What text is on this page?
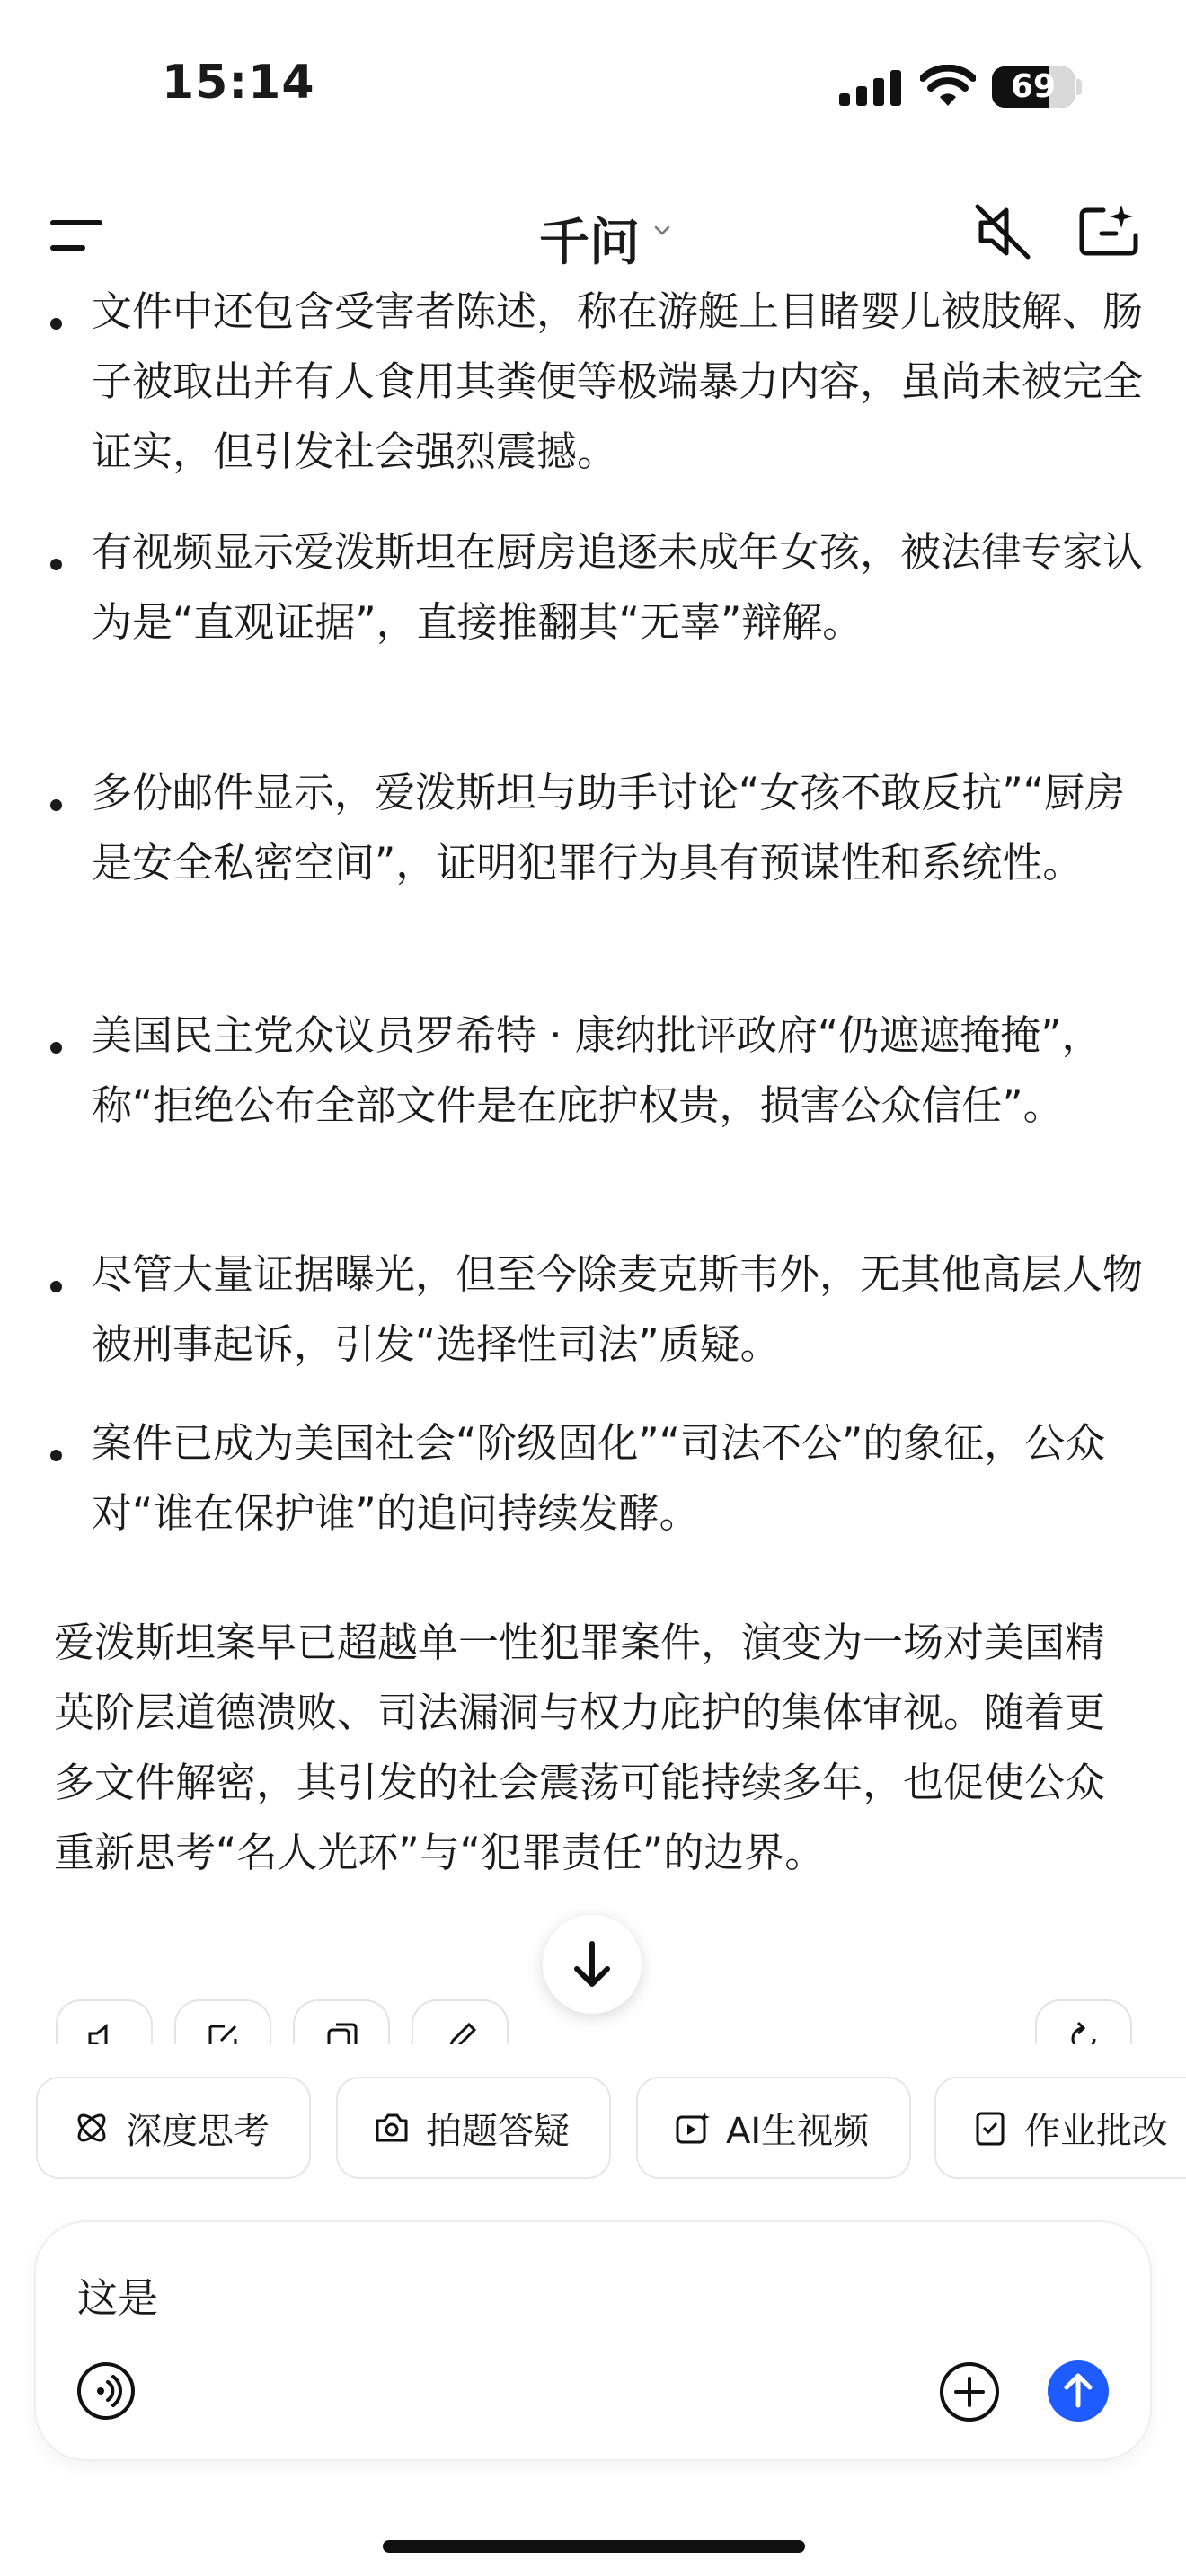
15:14	69
千问
文件中还包含受害者陈述，称在游艇上目睹婴儿被肢解、肠子被取出并有人食用其粪便等极端暴力内容，虽尚未被完全证实，但引发社会强烈震撼。
有视频显示爱泼斯坦在厨房追逐未成年女孩，被法律专家认为是“直观证据”，直接推翻其“无辜”辩解。
多份邮件显示，爱泼斯坦与助手讨论“女孩不敢反抗”“厨房是安全私密空间”，证明犯罪行为具有预谋性和系统性。
美国民主党众议员罗希特 · 康纳批评政府“仍遮遮掩掩”，称“拒绝公布全部文件是在庇护权贵，损害公众信任”。
尽管大量证据曝光，但至今除麦克斯韦外，无其他高层人物被刑事起诉，引发“选择性司法”质疑。
案件已成为美国社会“阶级固化”“司法不公”的象征，公众对“谁在保护谁”的追问持续发酵。
爱泼斯坦案早已超越单一性犯罪案件，演变为一场对美国精英阶层道德溃败、司法漏洞与权力庇护的集体审视。随着更多文件解密，其引发的社会震荡可能持续多年，也促使公众重新思考“名人光环”与“犯罪责任”的边界。
深度思考	拍题答疑	AI生视频	作业批改
这是
